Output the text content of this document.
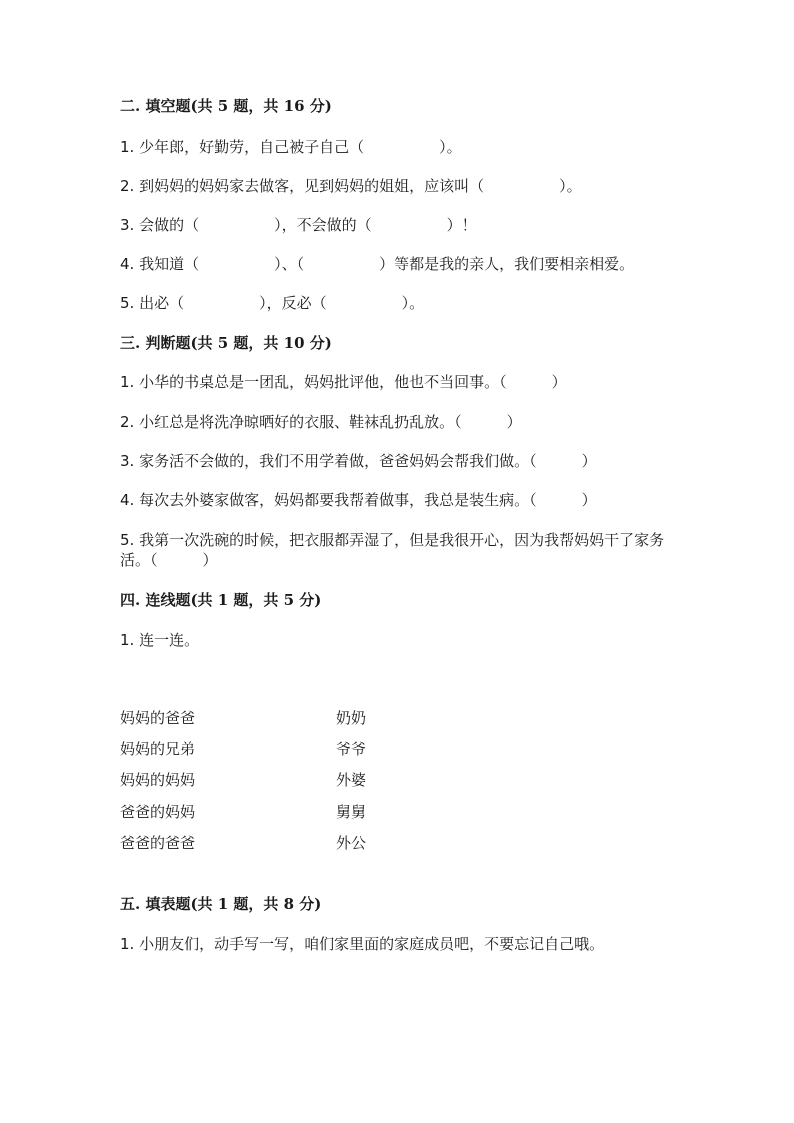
二. 填空题(共 5 题，共 16 分)
1. 少年郎，好勤劳，自己被子自己（　　　　　）。
2. 到妈妈的妈妈家去做客，见到妈妈的姐姐，应该叫（　　　　　）。
3. 会做的（　　　　　），不会做的（　　　　　）！
4. 我知道（　　　　　）、（　　　　　）等都是我的亲人，我们要相亲相爱。
5. 出必（　　　　　），反必（　　　　　）。
三. 判断题(共 5 题，共 10 分)
1. 小华的书桌总是一团乱，妈妈批评他，他也不当回事。（　　　）
2. 小红总是将洗净晾晒好的衣服、鞋袜乱扔乱放。（　　　）
3. 家务活不会做的，我们不用学着做，爸爸妈妈会帮我们做。（　　　）
4. 每次去外婆家做客，妈妈都要我帮着做事，我总是装生病。（　　　）
5. 我第一次洗碗的时候，把衣服都弄湿了，但是我很开心，因为我帮妈妈干了家务活。（　　　）
四. 连线题(共 1 题，共 5 分)
1. 连一连。
妈妈的爸爸
妈妈的兄弟
妈妈的妈妈
爸爸的妈妈
爸爸的爸爸
奶奶
爷爷
外婆
舅舅
外公
五. 填表题(共 1 题，共 8 分)
1. 小朋友们，动手写一写，咱们家里面的家庭成员吧，不要忘记自己哦。
